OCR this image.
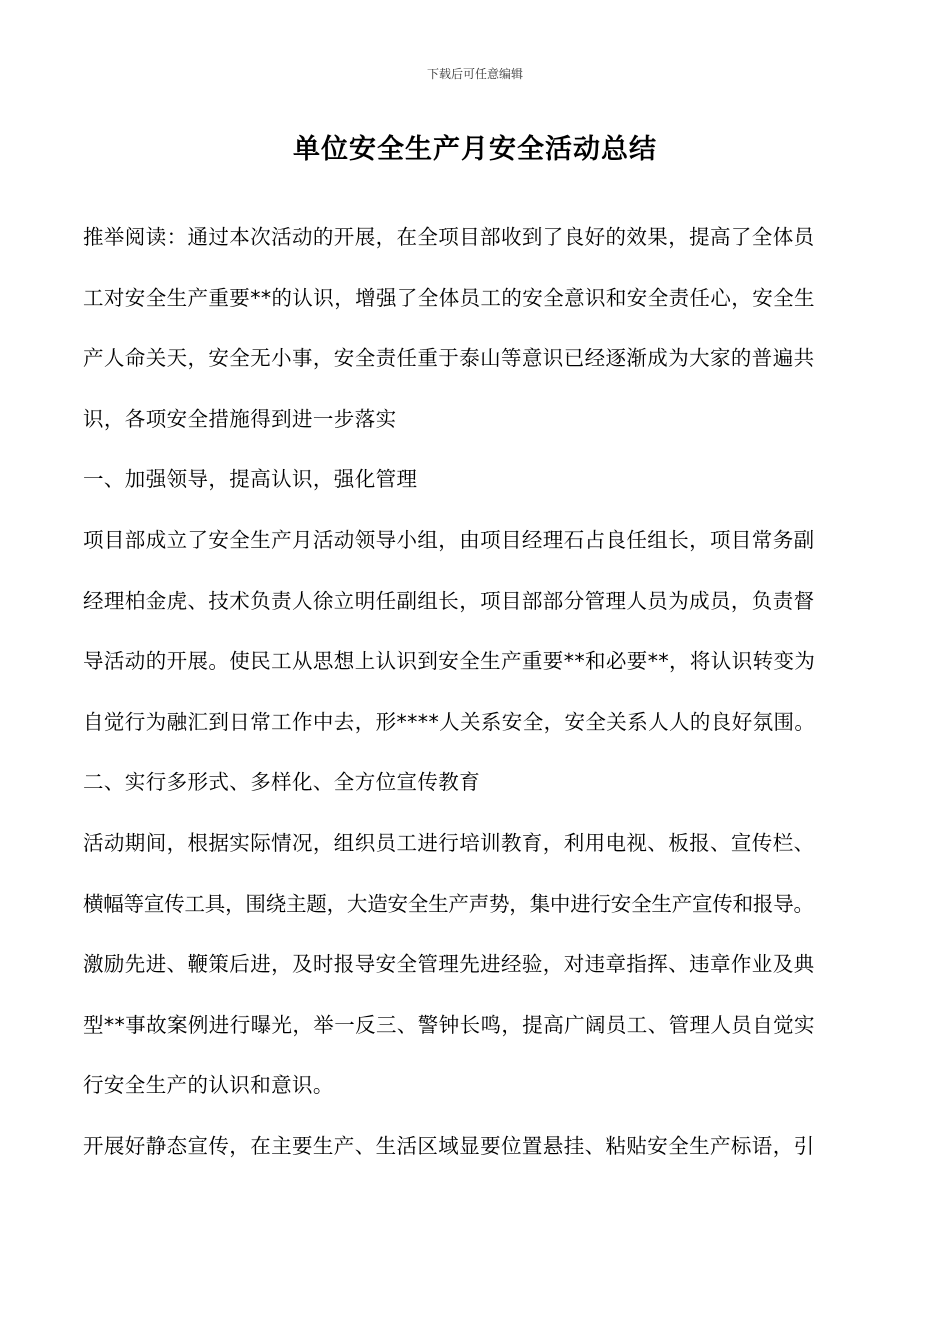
下载后可任意编辑
单位安全生产月安全活动总结
推举阅读：通过本次活动的开展，在全项目部收到了良好的效果，提高了全体员
工对安全生产重要**的认识，增强了全体员工的安全意识和安全责任心，安全生
产人命关天，安全无小事，安全责任重于泰山等意识已经逐渐成为大家的普遍共
识，各项安全措施得到进一步落实
一、加强领导，提高认识，强化管理
项目部成立了安全生产月活动领导小组，由项目经理石占良任组长，项目常务副
经理柏金虎、技术负责人徐立明任副组长，项目部部分管理人员为成员，负责督
导活动的开展。使民工从思想上认识到安全生产重要**和必要**，将认识转变为
自觉行为融汇到日常工作中去，形****人关系安全，安全关系人人的良好氛围。
二、实行多形式、多样化、全方位宣传教育
活动期间，根据实际情况，组织员工进行培训教育，利用电视、板报、宣传栏、
横幅等宣传工具，围绕主题，大造安全生产声势，集中进行安全生产宣传和报导。
激励先进、鞭策后进，及时报导安全管理先进经验，对违章指挥、违章作业及典
型**事故案例进行曝光，举一反三、警钟长鸣，提高广阔员工、管理人员自觉实
行安全生产的认识和意识。
开展好静态宣传，在主要生产、生活区域显要位置悬挂、粘贴安全生产标语，引
